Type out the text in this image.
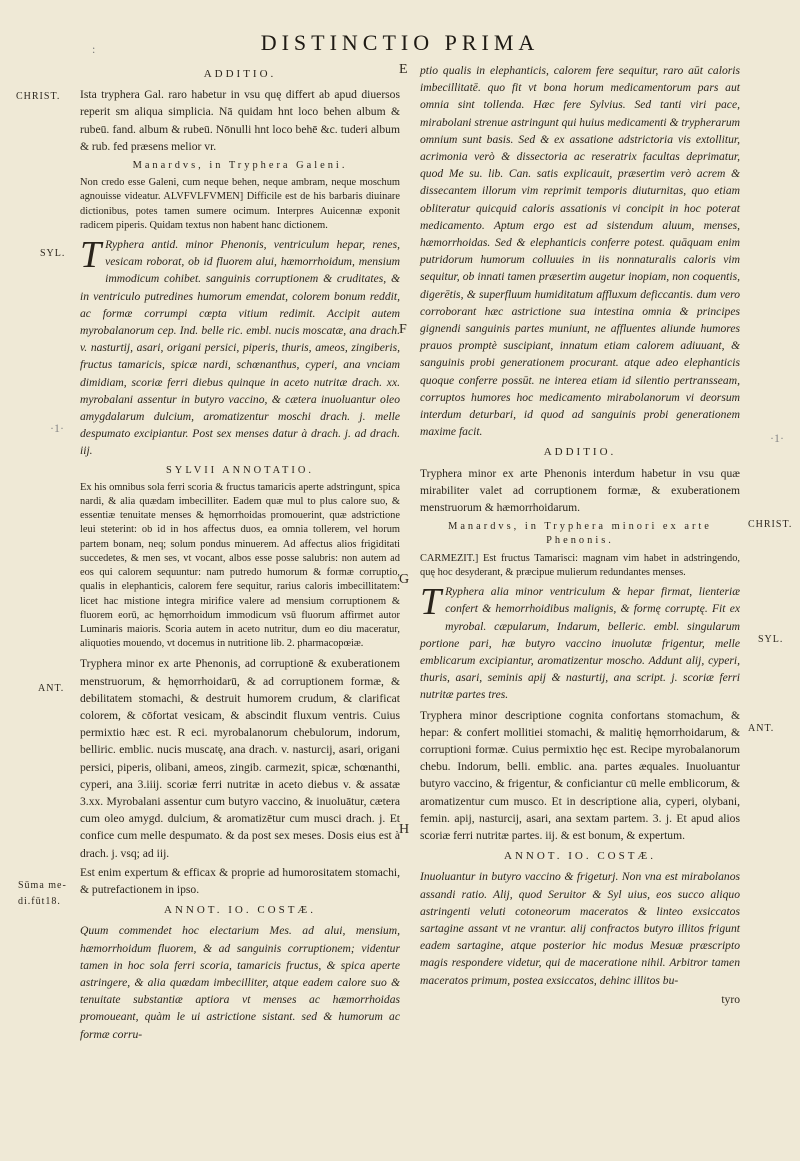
:	DISTINCTIO PRIMA
CHRIST.
SYL.
ANT.
Sūma me-
di.fūt18.
CHRIST.
SYL.
ANT.
E
F
G
H
ADDITIO.

Ista tryphera Gal. raro habetur in vsu quę differt ab apud diuersos reperit sm aliqua simplicia. Nā quidam hnt loco behen album & rubeū. fand. album & rubeū. Nōnulli hnt loco behē &c. tuderi album & rub. fed præsens melior vr.

Manardvs, in Tryphera Galeni.

Non credo esse Galeni, cum neque behen, neque ambram, neque moschum agnouisse videatur. ALVFVLFVMEN] Difficile est de his barbaris diuinare dictionibus, potes tamen sumere ocimum. Interpres Auicennæ exponit radicem piperis. Quidam textus non habent hanc dictionem.

T Ryphera antid. minor Phenonis, ventriculum hepar, renes, vesicam roborat, ob id fluorem alui, hæmorrhoidum, mensium immodicum cohibet. sanguinis corruptionem & cruditates, & in ventriculo putredines humorum emendat, colorem bonum reddit, ac formæ corrumpi cœpta vitium redimit. Accipit autem myrobalanorum cep. Ind. belle ric. embl. nucis moscatæ, ana drach. v. nasturtij, asari, origani persici, piperis, thuris, ameos, zingiberis, fructus tamaricis, spicæ nardi, schœnanthus, cyperi, ana vnciam dimidiam, scoriæ ferri diebus quinque in aceto nutritæ drach. xx. myrobalani assentur in butyro vaccino, & cætera inuoluantur oleo amygdalarum dulcium, aromatizentur moschi drach. j. melle despumato excipiantur. Post sex menses datur à drach. j. ad drach. iij.

SYLVII ANNOTATIO.

Ex his omnibus sola ferri scoria & fructus tamaricis aperte adstringunt, spica nardi, & alia quædam imbecilliter. Eadem quæ mul to plus calore suo, & essentiæ tenuitate menses & hęmorrhoidas promouerint, quæ adstrictione leui steterint: ob id in hos affectus duos, ea omnia tollerem, vel horum partem bonam, neq; solum pondus minuerem. Ad affectus alios frigiditati succedetes, & men ses, vt vocant, albos esse posse salubris: non autem ad eos qui calorem sequuntur: nam putredo humorum & formæ corruptio, qualis in elephanticis, calorem fere sequitur, rarius caloris imbecillitatem: licet hac mistione integra mirifice valere ad mensium corruptionem & fluorem eorū, ac hęmorrhoidum immodicum vsū fluorum affirmet autor Luminaris maioris. Scoria autem in aceto nutritur, dum eo diu maceratur, aliquoties mouendo, vt docemus in nutritione lib. 2. pharmacopœiæ.

Tryphera minor ex arte Phenonis, ad corruptionē & exuberationem menstruorum, & hęmorrhoidarū, & ad corruptionem formæ, & debilitatem stomachi, & destruit humorem crudum, & clarificat colorem, & cōfortat vesicam, & abscindit fluxum ventris. Cuius permixtio hæc est. R eci. myrobalanorum chebulorum, indorum, belliric. emblic. nucis muscatę, ana drach. v. nasturcij, asari, origani persici, piperis, olibani, ameos, zingib. carmezit, spicæ, schœnanthi, cyperi, ana 3.iiij. scoriæ ferri nutritæ in aceto diebus v. & assatæ 3.xx. Myrobalani assentur cum butyro vaccino, & inuoluātur, cætera cum oleo amygd. dulcium, & aromatizētur cum musci drach. j. Et confice cum melle despumato. & da post sex meses. Dosis eius est à drach. j. vsq; ad iij.

Est enim expertum & efficax & proprie ad humorositatem stomachi, & putrefactionem in ipso.

ANNOT. IO. COSTÆ.

Quum commendet hoc electarium Mes. ad alui, mensium, hæmorrhoidum fluorem, & ad sanguinis corruptionem; videntur tamen in hoc sola ferri scoria, tamaricis fructus, & spica aperte astringere, & alia quædam imbecilliter, atque eadem calore suo & tenuitate substantiæ aptiora vt menses ac hæmorrhoidas promoueant, quàm le ui astrictione sistant. sed & humorum ac formæ corru-

ptio qualis in elephanticis, calorem fere sequitur, raro aūt caloris imbecillitatē. quo fit vt bona horum medicamentorum pars aut omnia sint tollenda. Hæc fere Sylvius. Sed tanti viri pace, mirabolani strenue astringunt qui huius medicamenti & trypherarum omnium sunt basis. Sed & ex assatione adstrictoria vis extollitur, acrimonia verò & dissectoria ac reseratrix facultas deprimatur, quod Me su. lib. Can. satis explicauit, præsertim verò acrem & dissecantem illorum vim reprimit temporis diuturnitas, quo etiam obliteratur quicquid caloris assationis vi concipit in hoc poterat medicamento. Aptum ergo est ad sistendum aluum, menses, hæmorrhoidas. Sed & elephanticis conferre potest. quāquam enim putridorum humorum colluuies in iis nonnaturalis caloris vim sequitur, ob innati tamen præsertim augetur inopiam, non coquentis, digerētis, & superfluum humiditatum affluxum deficcantis. dum vero corroborant hæc astrictione sua intestina omnia & principes gignendi sanguinis partes muniunt, ne affluentes aliunde humores prauos promptè suscipiant, innatum etiam calorem adiuuant, & sanguinis probi generationem procurant. atque adeo elephanticis quoque conferre possūt. ne interea etiam id silentio pertransseam, corruptos humores hoc medicamento mirabolanorum vi deorsum interdum deturbari, id quod ad sanguinis probi generationem maxime facit.

ADDITIO.

Tryphera minor ex arte Phenonis interdum habetur in vsu quæ mirabiliter valet ad corruptionem formæ, & exuberationem menstruorum & hæmorrhoidarum.

Manardvs, in Tryphera minori ex arte Phenonis.

CARMEZIT.] Est fructus Tamarisci: magnam vim habet in adstringendo, quę hoc desyderant, & præcipue mulierum redundantes menses.

T Ryphera alia minor ventriculum & hepar firmat, lienteriæ confert & hemorrhoidibus malignis, & formę corruptę. Fit ex myrobal. cæpularum, Indarum, belleric. embl. singularum portione pari, hæ butyro vaccino inuolutæ frigentur, melle emblicarum excipiantur, aromatizentur moscho. Addunt alij, cyperi, thuris, asari, seminis apij & nasturtij, ana script. j. scoriæ ferri nutritæ partes tres.

Tryphera minor descriptione cognita confortans stomachum, & hepar: & confert mollitiei stomachi, & malitię hęmorrhoidarum, & corruptioni formæ. Cuius permixtio hęc est. Recipe myrobalanorum chebu. Indorum, belli. emblic. ana. partes æquales. Inuoluantur butyro vaccino, & frigentur, & conficiantur cū melle emblicorum, & aromatizentur cum musco. Et in descriptione alia, cyperi, olybani, femin. apij, nasturcij, asari, ana sextam partem. 3. j. Et apud alios scoriæ ferri nutritæ partes. iij. & est bonum, & expertum.

ANNOT. IO. COSTÆ.

Inuoluantur in butyro vaccino & frigeturj. Non vna est mirabolanos assandi ratio. Alij, quod Seruitor & Syl uius, eos succo aliquo astringenti veluti cotoneorum maceratos & linteo exsiccatos sartagine assant vt ne vrantur. alij confractos butyro illitos frigunt eadem sartagine, atque posterior hic modus Mesuæ præscripto magis respondere videtur, qui de maceratione nihil. Arbitror tamen maceratos primum, postea exsiccatos, dehinc illitos bu-

tyro
·1·
·1·
